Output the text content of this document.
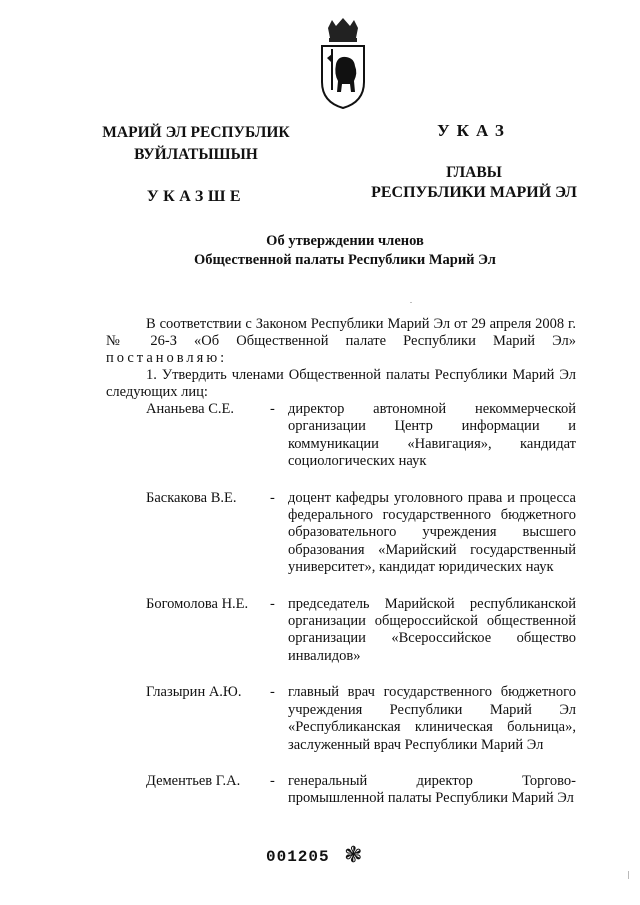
МАРИЙ ЭЛ РЕСПУБЛИК
ВУЙЛАТЫШЫН
УКАЗШЕ
УКАЗ
ГЛАВЫ
РЕСПУБЛИКИ МАРИЙ ЭЛ
Об утверждении членов
Общественной палаты Республики Марий Эл

В соответствии с Законом Республики Марий Эл от 29 апреля 2008 г. № 26-З «Об Общественной палате Республики Марий Эл» постановляю:

1. Утвердить членами Общественной палаты Республики Марий Эл следующих лиц:

Ананьева С.Е.	- директор автономной некоммерческой организации Центр информации и коммуникации «Навигация», кандидат социологических наук
Баскакова В.Е.	- доцент кафедры уголовного права и процесса федерального государственного бюджетного образовательного учреждения высшего образования «Марийский государственный университет», кандидат юридических наук
Богомолова Н.Е.	- председатель Марийской республиканской организации общероссийской общественной организации «Всероссийское общество инвалидов»
Глазырин А.Ю.	- главный врач государственного бюджетного учреждения Республики Марий Эл «Республиканская клиническая больница», заслуженный врач Республики Марий Эл
Дементьев Г.А.	- генеральный директор Торгово-промышленной палаты Республики Марий Эл
001205 ❃
.
|
